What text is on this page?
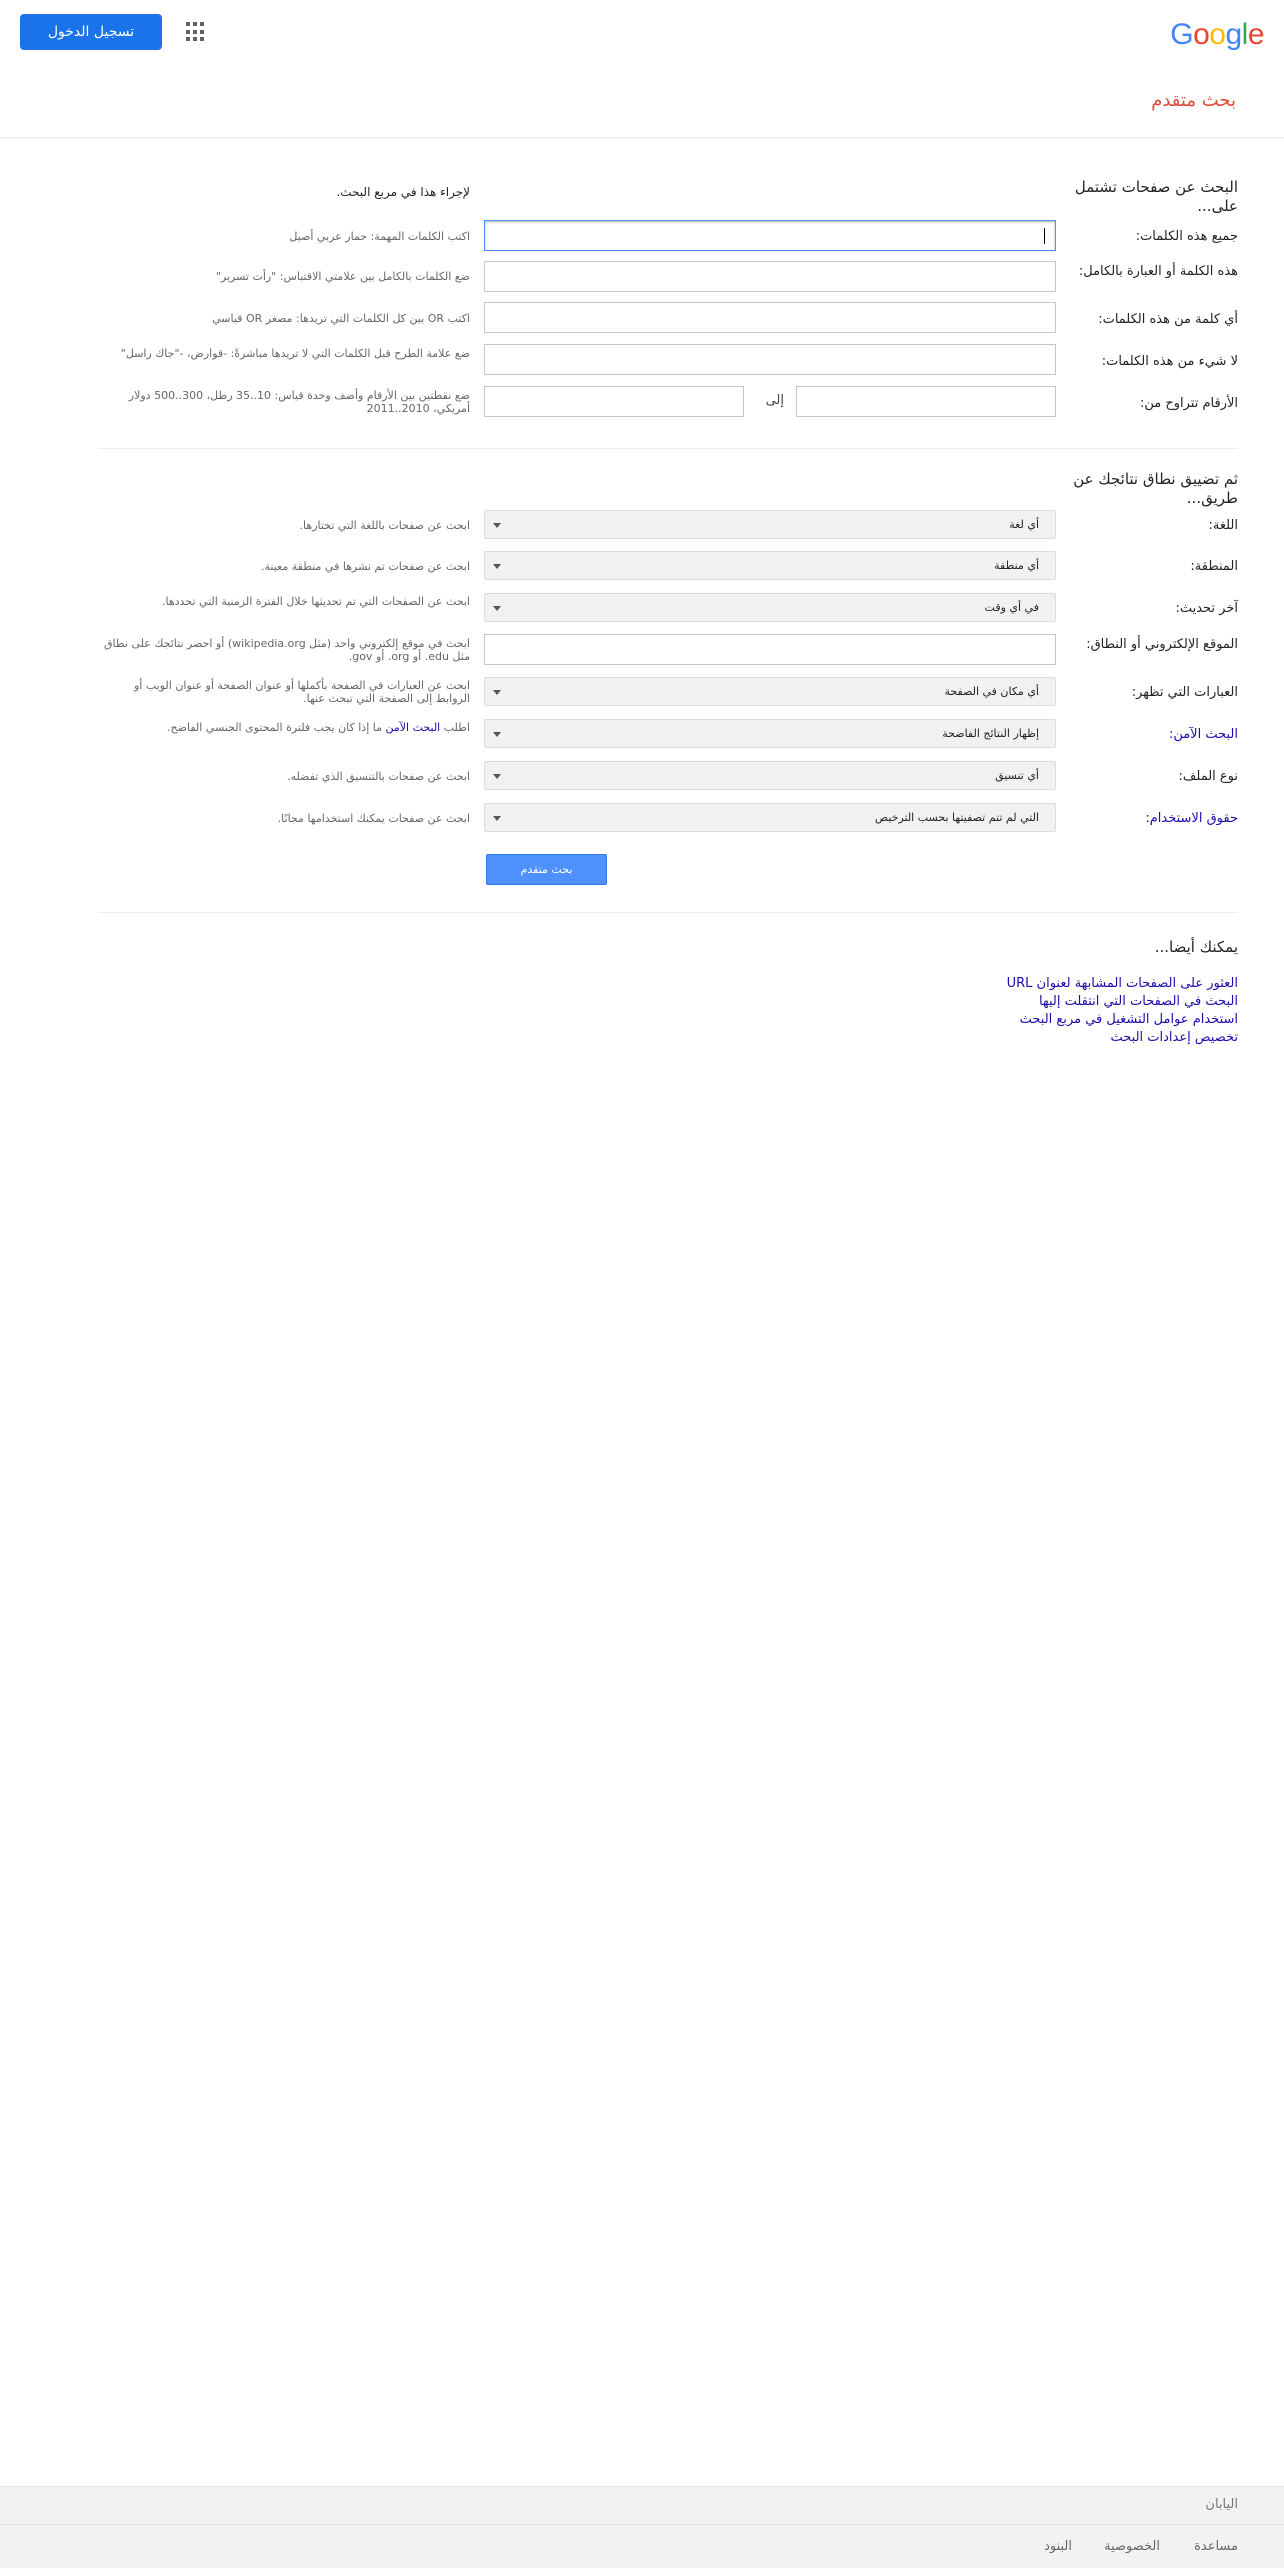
Google
تسجيل الدخول
بحث متقدم
البحث عن صفحات تشتمل على...
لإجراء هذا في مربع البحث.
جميع هذه الكلمات:
اكتب الكلمات المهمة: حمار عربي أصيل
هذه الكلمة أو العبارة بالكامل:
ضع الكلمات بالكامل بين علامتي الاقتباس: "رأت تسرير"
أي كلمة من هذه الكلمات:
اكتب OR بين كل الكلمات التي تريدها: مصغر OR قياسي
لا شيء من هذه الكلمات:
ضع علامة الطرح قبل الكلمات التي لا تريدها مباشرةً: -قوارض، -"جاك راسل"
الأرقام تتراوح من:
إلى
ضع نقطتين بين الأرقام وأضف وحدة قياس: 10..35 رطل، 300..500 دولار أمريكي، 2010..2011
ثم تضييق نطاق نتائجك عن طريق...
اللغة:
أي لغة
ابحث عن صفحات باللغة التي تختارها.
المنطقة:
أي منطقة
ابحث عن صفحات تم نشرها في منطقة معينة.
آخر تحديث:
في أي وقت
ابحث عن الصفحات التي تم تحديثها خلال الفترة الزمنية التي تحددها.
الموقع الإلكتروني أو النطاق:
ابحث في موقع إلكتروني واحد (مثل wikipedia.org) أو احصر نتائجك على نطاق مثل edu. أو org. أو gov.
العبارات التي تظهر:
أي مكان في الصفحة
ابحث عن العبارات في الصفحة بأكملها أو عنوان الصفحة أو عنوان الويب أو الروابط إلى الصفحة التي تبحث عنها.
البحث الآمن:
إظهار النتائج الفاضحة
اطلب البحث الآمن ما إذا كان يجب فلترة المحتوى الجنسي الفاضح.
نوع الملف:
أي تنسيق
ابحث عن صفحات بالتنسيق الذي تفضله.
حقوق الاستخدام:
التي لم تتم تصفيتها بحسب الترخيص
ابحث عن صفحات يمكنك استخدامها مجانًا.
بحث متقدم
يمكنك أيضا...
العثور على الصفحات المشابهة لعنوان URL
البحث في الصفحات التي انتقلت إليها
استخدام عوامل التشغيل في مربع البحث
تخصيص إعدادات البحث
اليابان
مساعدة
الخصوصية
البنود
